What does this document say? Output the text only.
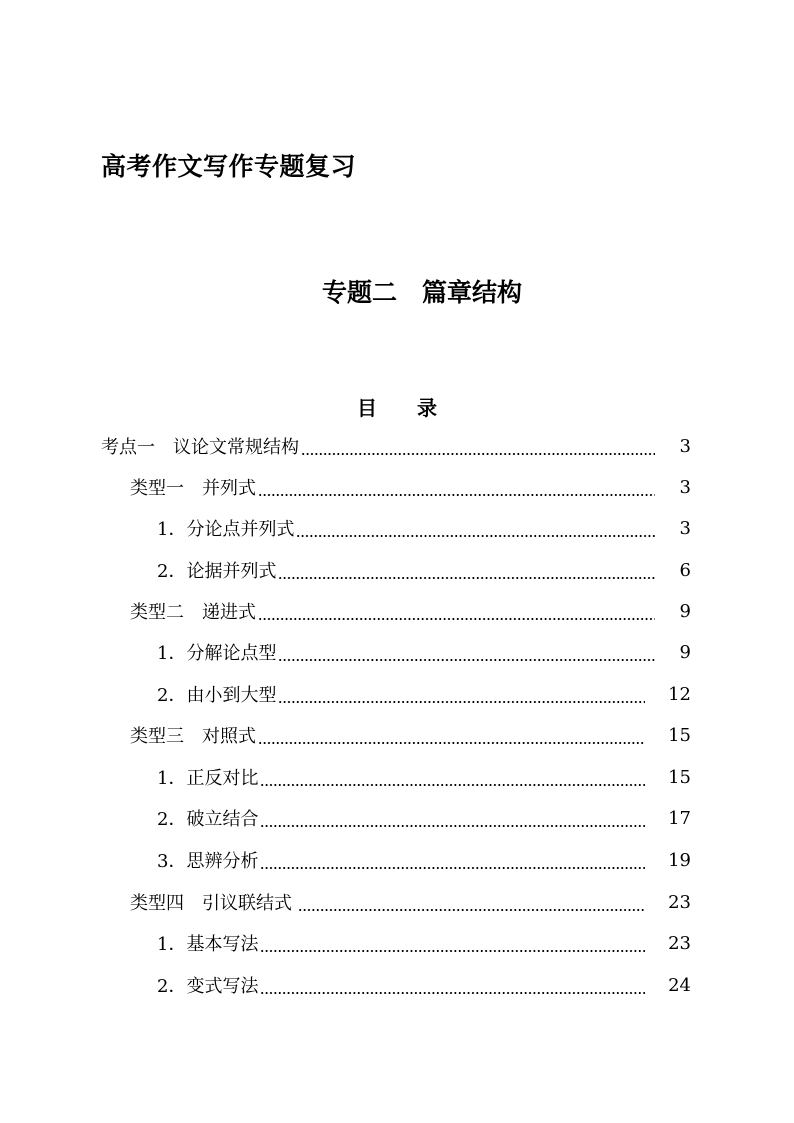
高考作文写作专题复习
专题二　篇章结构
目　　录
考点一　议论文常规结构	3
类型一　并列式	3
1．分论点并列式	3
2．论据并列式	6
类型二　递进式	9
1．分解论点型	9
2．由小到大型	12
类型三　对照式	15
1．正反对比	15
2．破立结合	17
3．思辨分析	19
类型四　引议联结式	23
1．基本写法	23
2．变式写法	24
